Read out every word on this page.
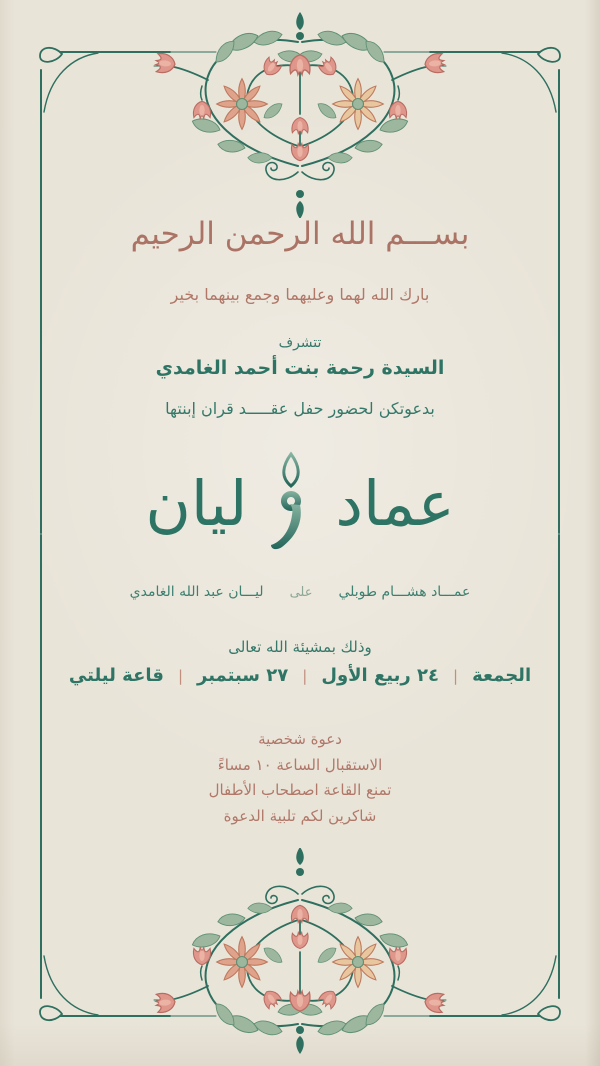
بســـم الله الرحمن الرحيم
بارك الله لهما وعليهما وجمع بينهما بخير
تتشرف
السيدة رحمة بنت أحمد الغامدي
بدعوتكن لحضور حفل عقـــــد قران إبنتها
عماد
ليان
عمـــاد هشـــام طوبلي
على
ليـــان عبد الله الغامدي
وذلك بمشيئة الله تعالى
الجمعة
|
٢٤ ربيع الأول
|
٢٧ سبتمبر
|
قاعة ليلتي
دعوة شخصية
الاستقبال الساعة ١٠ مساءً
تمنع القاعة اصطحاب الأطفال
شاكرين لكم تلبية الدعوة
